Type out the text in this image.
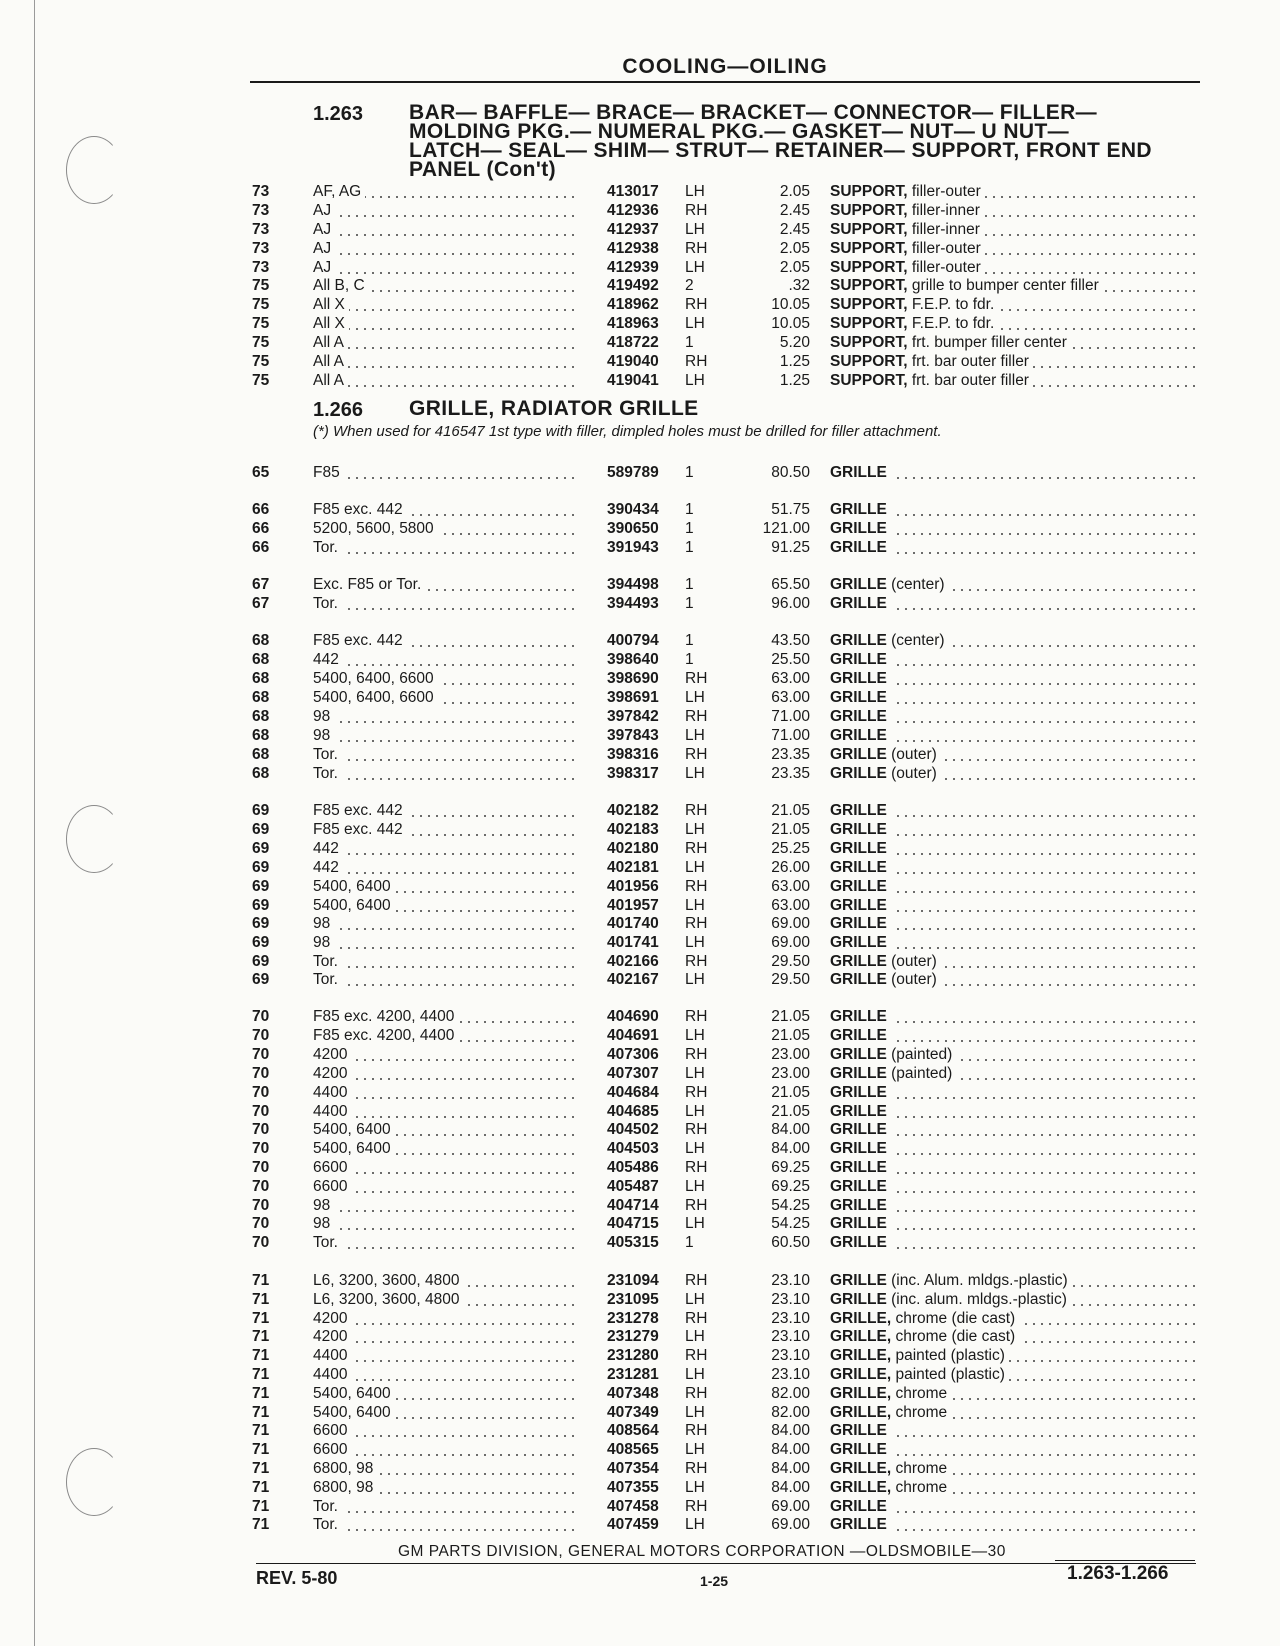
COOLING—OILING
1.263 BAR— BAFFLE— BRACE— BRACKET— CONNECTOR— FILLER—
MOLDING PKG.— NUMERAL PKG.— GASKET— NUT— U NUT—
LATCH— SEAL— SHIM— STRUT— RETAINER— SUPPORT, FRONT END
PANEL (Con't)
73	AF, AG	413017	LH	2.05 SUPPORT, filler-outer
73	AJ	412936	RH	2.45 SUPPORT, filler-inner
73	AJ	412937	LH	2.45 SUPPORT, filler-inner
73	AJ	412938	RH	2.05 SUPPORT, filler-outer
73	AJ	412939	LH	2.05 SUPPORT, filler-outer
75	All B, C	419492	2	.32 SUPPORT, grille to bumper center filler
75	All X	418962	RH	10.05 SUPPORT, F.E.P. to fdr.
75	All X	418963	LH	10.05 SUPPORT, F.E.P. to fdr.
75	All A	418722	1	5.20 SUPPORT, frt. bumper filler center
75	All A	419040	RH	1.25 SUPPORT, frt. bar outer filler
75	All A	419041	LH	1.25 SUPPORT, frt. bar outer filler
1.266 GRILLE, RADIATOR GRILLE
(*) When used for 416547 1st type with filler, dimpled holes must be drilled for filler attachment.
65	F85	589789	1	80.50 GRILLE
66	F85 exc. 442	390434	1	51.75 GRILLE
66	5200, 5600, 5800	390650	1	121.00 GRILLE
66	Tor.	391943	1	91.25 GRILLE
67	Exc. F85 or Tor.	394498	1	65.50 GRILLE (center)
67	Tor.	394493	1	96.00 GRILLE
68	F85 exc. 442	400794	1	43.50 GRILLE (center)
68	442	398640	1	25.50 GRILLE
68	5400, 6400, 6600	398690	RH	63.00 GRILLE
68	5400, 6400, 6600	398691	LH	63.00 GRILLE
68	98	397842	RH	71.00 GRILLE
68	98	397843	LH	71.00 GRILLE
68	Tor.	398316	RH	23.35 GRILLE (outer)
68	Tor.	398317	LH	23.35 GRILLE (outer)
69	F85 exc. 442	402182	RH	21.05 GRILLE
69	F85 exc. 442	402183	LH	21.05 GRILLE
69	442	402180	RH	25.25 GRILLE
69	442	402181	LH	26.00 GRILLE
69	5400, 6400	401956	RH	63.00 GRILLE
69	5400, 6400	401957	LH	63.00 GRILLE
69	98	401740	RH	69.00 GRILLE
69	98	401741	LH	69.00 GRILLE
69	Tor.	402166	RH	29.50 GRILLE (outer)
69	Tor.	402167	LH	29.50 GRILLE (outer)
70	F85 exc. 4200, 4400	404690	RH	21.05 GRILLE
70	F85 exc. 4200, 4400	404691	LH	21.05 GRILLE
70	4200	407306	RH	23.00 GRILLE (painted)
70	4200	407307	LH	23.00 GRILLE (painted)
70	4400	404684	RH	21.05 GRILLE
70	4400	404685	LH	21.05 GRILLE
70	5400, 6400	404502	RH	84.00 GRILLE
70	5400, 6400	404503	LH	84.00 GRILLE
70	6600	405486	RH	69.25 GRILLE
70	6600	405487	LH	69.25 GRILLE
70	98	404714	RH	54.25 GRILLE
70	98	404715	LH	54.25 GRILLE
70	Tor.	405315	1	60.50 GRILLE
71	L6, 3200, 3600, 4800	231094	RH	23.10 GRILLE (inc. Alum. mldgs.-plastic)
71	L6, 3200, 3600, 4800	231095	LH	23.10 GRILLE (inc. alum. mldgs.-plastic)
71	4200	231278	RH	23.10 GRILLE, chrome (die cast)
71	4200	231279	LH	23.10 GRILLE, chrome (die cast)
71	4400	231280	RH	23.10 GRILLE, painted (plastic)
71	4400	231281	LH	23.10 GRILLE, painted (plastic)
71	5400, 6400	407348	RH	82.00 GRILLE, chrome
71	5400, 6400	407349	LH	82.00 GRILLE, chrome
71	6600	408564	RH	84.00 GRILLE
71	6600	408565	LH	84.00 GRILLE
71	6800, 98	407354	RH	84.00 GRILLE, chrome
71	6800, 98	407355	LH	84.00 GRILLE, chrome
71	Tor.	407458	RH	69.00 GRILLE
71	Tor.	407459	LH	69.00 GRILLE
GM PARTS DIVISION, GENERAL MOTORS CORPORATION —OLDSMOBILE—30
REV. 5-80	1-25	1.263-1.266
